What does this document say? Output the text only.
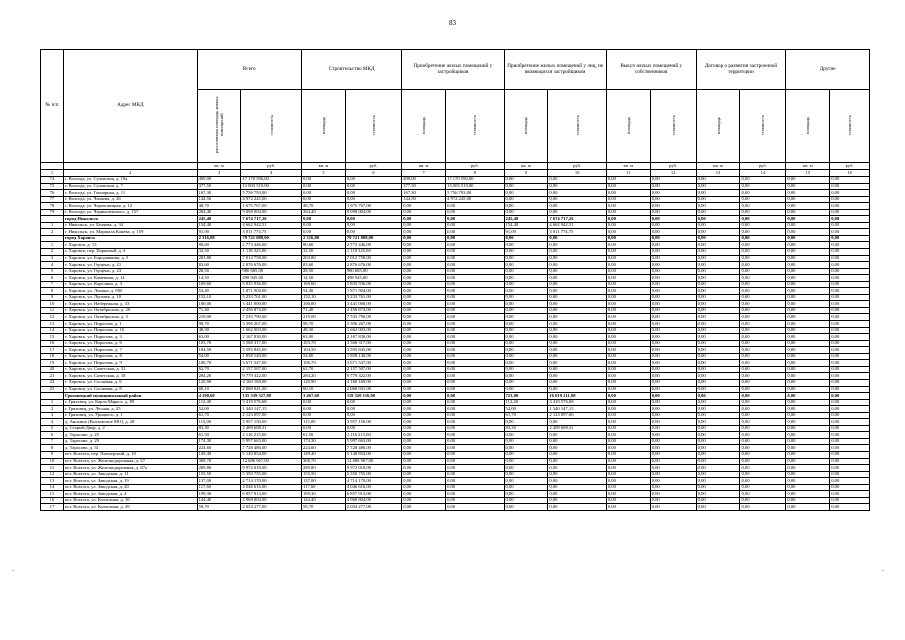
83
-	-
№ п/п	Адрес МКД	Всего		Строительство МКД		Приобретение жилых помещений у застройщиков		Приобретение жилых помещений у лиц, не являющихся застройщиком		Выкуп жилых помещений у собственников		Договор о развитии застроенной территории		Другие	
		расселяемая площадь жилых помещений	стоимость	площадь	стоимость	площадь	стоимость	площадь	стоимость	площадь	стоимость	площадь	стоимость	площадь	стоимость
		кв. м	руб.	кв. м	руб.	кв. м	руб.	кв. м	руб.	кв. м	руб.	кв. м	руб.	кв. м	руб.
1	2	3	4	5	6	7	8	9	10	11	12	13	14	15	16
74	г. Вологда, ул. Суховская, д. 10а	499,00	17 170 590,00	0,00	0,00	499,00	17 170 590,00	0,00	0,00	0,00	0,00	0,00	0,00	0,00	0,00
75	г. Вологда, ул. Суховская, д. 7	377,50	13 003 519,00	0,00	0,00	377,50	13 003 519,00	0,00	0,00	0,00	0,00	0,00	0,00	0,00	0,00
76	г. Вологда, ул. Гончарная, д. 11	167,30	5 756 793,00	0,00	0,00	167,30	5 756 793,00	0,00	0,00	0,00	0,00	0,00	0,00	0,00	0,00
77	г. Вологда, ул. Чапаева, д. 26	144,50	4 972 245,00	0,00	0,00	144,50	4 972 245,00	0,00	0,00	0,00	0,00	0,00	0,00	0,00	0,00
78	г. Вологда, ул. Череповецкая, д. 12	48,70	1 675 767,00	48,70	1 675 767,00	0,00	0,00	0,00	0,00	0,00	0,00	0,00	0,00	0,00	0,00
79	г. Вологда, ул. Чернышевского, д. 157	264,40	9 098 004,00	264,40	9 098 004,00	0,00	0,00	0,00	0,00	0,00	0,00	0,00	0,00	0,00	0,00
	город Никольск	245,40	7 674 717,26	0,00	0,00	0,00	0,00	245,40	7 674 717,26	0,00	0,00	0,00	0,00	0,00	0,00
1	г. Никольск, ул. Беляева, д. 34	154,40	4 662 942,51	0,00	0,00	0,00	0,00	154,40	4 662 942,51	0,00	0,00	0,00	0,00	0,00	0,00
2	г. Никольск, ул. Маршала Конева, д. 159	91,00	3 011 774,75	0,00	0,00	0,00	0,00	91,00	3 011 774,75	0,00	0,00	0,00	0,00	0,00	0,00
	город Харовск	2 316,80	79 721 088,00	2 316,80	79 721 088,00	0,00	0,00	0,00	0,00	0,00	0,00	0,00	0,00	0,00	0,00
1	г. Харовск, д. 13	80,60	2 773 446,00	80,60	2 773 446,00	0,00	0,00	0,00	0,00	0,00	0,00	0,00	0,00	0,00	0,00
2	г. Харовск, пер. Парковый, д. 4	32,50	1 118 325,00	32,50	1 118 325,00	0,00	0,00	0,00	0,00	0,00	0,00	0,00	0,00	0,00	0,00
3	г. Харовск, ул. Бородавкина, д. 5	203,80	7 012 758,00	203,80	7 012 758,00	0,00	0,00	0,00	0,00	0,00	0,00	0,00	0,00	0,00	0,00
4	г. Харовск, ул. Герцена, д. 21	83,60	2 876 676,00	83,60	2 876 676,00	0,00	0,00	0,00	0,00	0,00	0,00	0,00	0,00	0,00	0,00
5	г. Харовск, ул. Герцена, д. 23	28,50	980 685,00	28,50	980 685,00	0,00	0,00	0,00	0,00	0,00	0,00	0,00	0,00	0,00	0,00
6	г. Харовск, ул. Каменная, д. 14	14,50	498 945,00	14,50	498 945,00	0,00	0,00	0,00	0,00	0,00	0,00	0,00	0,00	0,00	0,00
7	г. Харовск, ул. Корелина, д. 3	169,60	5 835 936,00	169,60	5 835 936,00	0,00	0,00	0,00	0,00	0,00	0,00	0,00	0,00	0,00	0,00
8	г. Харовск, ул. Ленина, д. 69б	54,40	1 871 904,00	54,40	1 871 904,00	0,00	0,00	0,00	0,00	0,00	0,00	0,00	0,00	0,00	0,00
9	г. Харовск, ул. Луговая, д. 10	152,10	5 233 761,00	152,10	5 233 761,00	0,00	0,00	0,00	0,00	0,00	0,00	0,00	0,00	0,00	0,00
10	г. Харовск, ул. Набережная, д. 33	100,00	3 441 000,00	100,00	3 441 000,00	0,00	0,00	0,00	0,00	0,00	0,00	0,00	0,00	0,00	0,00
11	г. Харовск, ул. Октябрьская, д. 20	71,40	2 456 874,00	71,40	2 456 874,00	0,00	0,00	0,00	0,00	0,00	0,00	0,00	0,00	0,00	0,00
12	г. Харовск, ул. Октябрьская, д. 3	219,00	7 535 790,00	219,00	7 535 790,00	0,00	0,00	0,00	0,00	0,00	0,00	0,00	0,00	0,00	0,00
13	г. Харовск, ул. Пирогова, д. 1	98,70	3 396 267,00	98,70	3 396 267,00	0,00	0,00	0,00	0,00	0,00	0,00	0,00	0,00	0,00	0,00
14	г. Харовск, ул. Пирогова, д. 10	48,30	1 662 003,00	48,30	1 662 003,00	0,00	0,00	0,00	0,00	0,00	0,00	0,00	0,00	0,00	0,00
15	г. Харовск, ул. Пирогова, д. 3	63,00	2 167 830,00	63,00	2 167 830,00	0,00	0,00	0,00	0,00	0,00	0,00	0,00	0,00	0,00	0,00
16	г. Харовск, ул. Пирогова, д. 6	103,70	3 568 317,00	103,70	3 568 317,00	0,00	0,00	0,00	0,00	0,00	0,00	0,00	0,00	0,00	0,00
17	г. Харовск, ул. Пирогова, д. 7	104,50	3 595 845,00	104,50	3 595 845,00	0,00	0,00	0,00	0,00	0,00	0,00	0,00	0,00	0,00	0,00
18	г. Харовск, ул. Пирогова, д. 8	54,00	1 858 140,00	54,00	1 858 140,00	0,00	0,00	0,00	0,00	0,00	0,00	0,00	0,00	0,00	0,00
19	г. Харовск, ул. Пирогова, д. 9	106,70	3 671 547,00	106,70	3 671 547,00	0,00	0,00	0,00	0,00	0,00	0,00	0,00	0,00	0,00	0,00
20	г. Харовск, ул. Советская, д. 31	62,70	2 157 507,00	62,70	2 157 507,00	0,00	0,00	0,00	0,00	0,00	0,00	0,00	0,00	0,00	0,00
21	г. Харовск, ул. Советская, д. 18	284,20	9 779 322,00	284,20	9 779 322,00	0,00	0,00	0,00	0,00	0,00	0,00	0,00	0,00	0,00	0,00
22	г. Харовск, ул. Сосновая, д. 6	120,90	4 160 169,00	120,90	4 160 169,00	0,00	0,00	0,00	0,00	0,00	0,00	0,00	0,00	0,00	0,00
23	г. Харовск, ул. Сосновая, д. 8	60,10	2 068 041,00	60,10	2 068 041,00	0,00	0,00	0,00	0,00	0,00	0,00	0,00	0,00	0,00	0,00
	Грязовецкий муниципальный район	4 190,60	135 339 327,88	3 467,60	119 320 116,00	0,00	0,00	723,00	16 019 211,88	0,00	0,00	0,00	0,00	0,00	0,00
1	г. Грязовец, ул. Карла Маркса, д. 89	112,40	3 419 576,68	0,00	0,00	0,00	0,00	112,40	3 419 576,68	0,00	0,00	0,00	0,00	0,00	0,00
2	г. Грязовец, ул. Лесная, д. 25	52,00	1 340 147,15	0,00	0,00	0,00	0,00	52,00	1 340 147,15	0,00	0,00	0,00	0,00	0,00	0,00
3	г. Грязовец, ул. Урицкого, д. 1	61,70	2 123 097,00	0,00	0,00	0,00	0,00	61,70	2 123 097,00	0,00	0,00	0,00	0,00	0,00	0,00
4	д. Анохино (Вохтожское МО), д. 28	115,00	3 957 150,00	115,00	3 957 150,00	0,00	0,00	0,00	0,00	0,00	0,00	0,00	0,00	0,00	0,00
5	д. Старый Двор, д. 2	83,30	2 408 608,31	0,00	0,00	0,00	0,00	83,30	2 408 608,31	0,00	0,00	0,00	0,00	0,00	0,00
6	д. Тарасово, д. 25	61,50	2 116 215,00	61,50	2 116 215,00	0,00	0,00	0,00	0,00	0,00	0,00	0,00	0,00	0,00	0,00
7	д. Тарасово, д. 29	174,30	5 997 663,00	174,30	5 997 663,00	0,00	0,00	0,00	0,00	0,00	0,00	0,00	0,00	0,00	0,00
8	д. Тарасово, д. 31	224,60	7 728 486,00	224,60	7 728 486,00	0,00	0,00	0,00	0,00	0,00	0,00	0,00	0,00	0,00	0,00
9	пгт. Вохтога, пер. Пионерский, д. 10	149,40	5 140 854,00	149,40	5 140 854,00	0,00	0,00	0,00	0,00	0,00	0,00	0,00	0,00	0,00	0,00
10	пгт. Вохтога, ул. Железнодорожная, д. 67	368,70	12 686 967,00	368,70	12 686 967,00	0,00	0,00	0,00	0,00	0,00	0,00	0,00	0,00	0,00	0,00
11	пгт. Вохтога, ул. Железнодорожная, д. 67а	289,80	9 972 018,00	289,80	9 972 018,00	0,00	0,00	0,00	0,00	0,00	0,00	0,00	0,00	0,00	0,00
12	пгт. Вохтога, ул. Заводская, д. 11	155,50	5 350 755,00	155,50	5 350 755,00	0,00	0,00	0,00	0,00	0,00	0,00	0,00	0,00	0,00	0,00
13	пгт. Вохтога, ул. Заводская, д. 19	137,00	4 714 170,00	137,00	4 714 170,00	0,00	0,00	0,00	0,00	0,00	0,00	0,00	0,00	0,00	0,00
14	пгт. Вохтога, ул. Заводская, д. 20	117,60	4 046 616,00	117,60	4 046 616,00	0,00	0,00	0,00	0,00	0,00	0,00	0,00	0,00	0,00	0,00
15	пгт. Вохтога, ул. Заводская, д. 4	199,30	6 857 913,00	199,30	6 857 913,00	0,00	0,00	0,00	0,00	0,00	0,00	0,00	0,00	0,00	0,00
16	пгт. Вохтога, ул. Колхозная, д. 16	144,40	4 968 804,00	144,40	4 968 804,00	0,00	0,00	0,00	0,00	0,00	0,00	0,00	0,00	0,00	0,00
17	пгт. Вохтога, ул. Колхозная, д. 29	59,70	2 054 277,00	59,70	2 054 277,00	0,00	0,00	0,00	0,00	0,00	0,00	0,00	0,00	0,00	0,00
